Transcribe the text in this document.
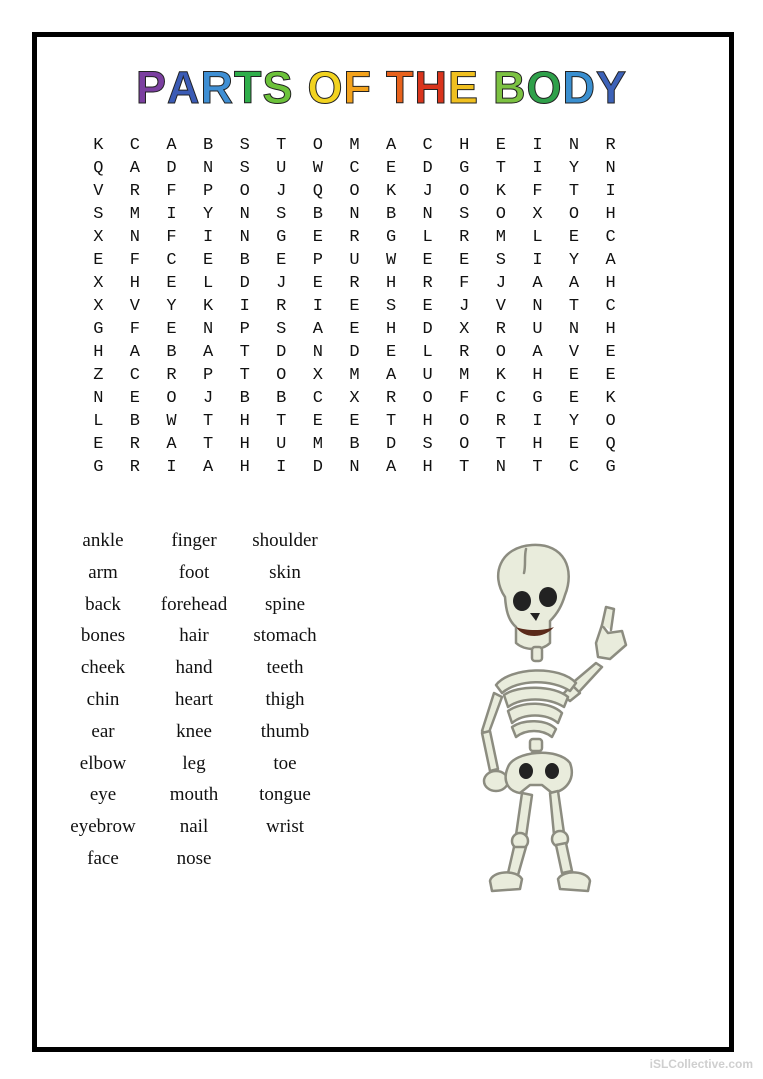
PARTS OF THE BODY
K C A B S T O M A C H E I N R
Q A D N S U W C E D G T I Y N
V R F P O J Q O K J O K F T I
S M I Y N S B N B N S O X O H
X N F I N G E R G L R M L E C
E F C E B E P U W E E S I Y A
X H E L D J E R H R F J A A H
X V Y K I R I E S E J V N T C
G F E N P S A E H D X R U N H
H A B A T D N D E L R O A V E
Z C R P T O X M A U M K H E E
N E O J B B C X R O F C G E K
L B W T H T E E T H O R I Y O
E R A T H U M B D S O T H E Q
G R I A H I D N A H T N T C G
ankle
arm
back
bones
cheek
chin
ear
elbow
eye
eyebrow
face
finger
foot
forehead
hair
hand
heart
knee
leg
mouth
nail
nose
shoulder
skin
spine
stomach
teeth
thigh
thumb
toe
tongue
wrist
iSLCollective.com
